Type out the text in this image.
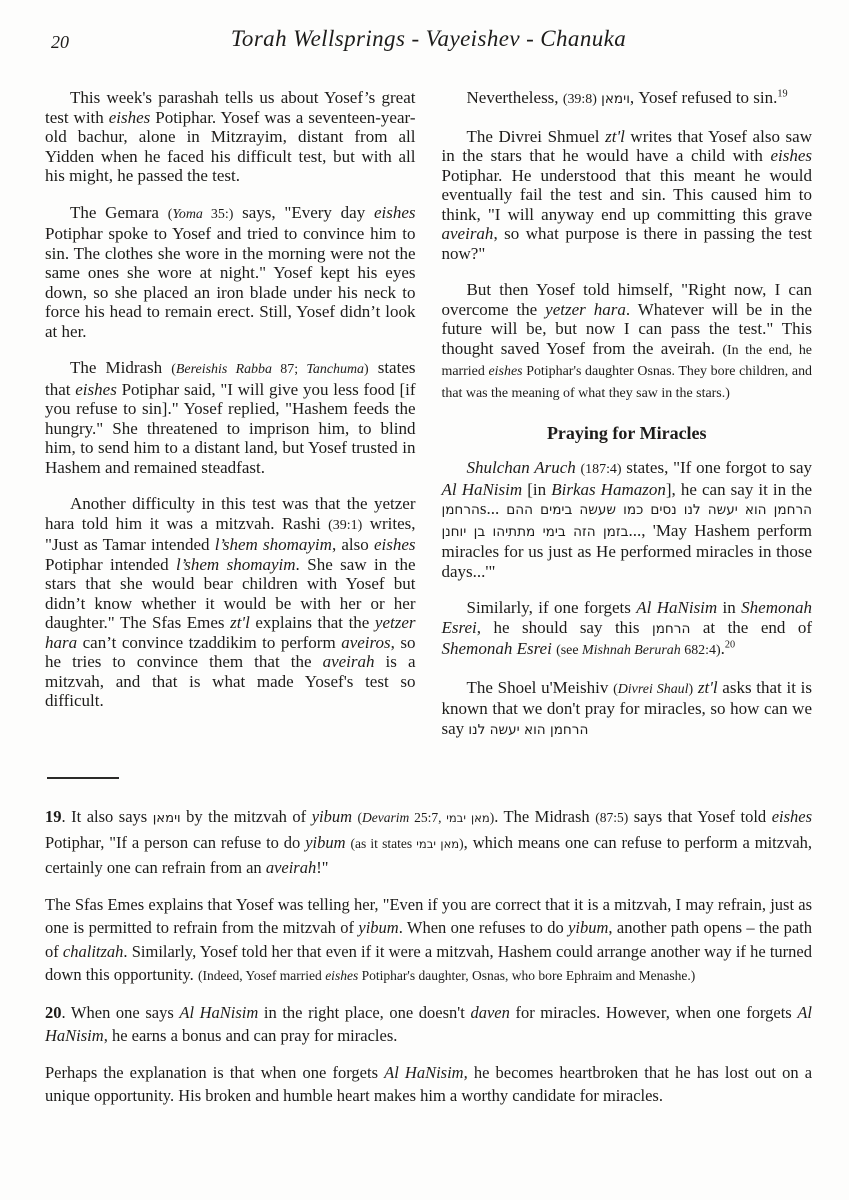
20	Torah Wellsprings - Vayeishev - Chanuka

This week's parashah tells us about Yosef’s great test with eishes Potiphar. Yosef was a seventeen-year-old bachur, alone in Mitzrayim, distant from all Yidden when he faced his difficult test, but with all his might, he passed the test.

The Gemara (Yoma 35:) says, "Every day eishes Potiphar spoke to Yosef and tried to convince him to sin. The clothes she wore in the morning were not the same ones she wore at night." Yosef kept his eyes down, so she placed an iron blade under his neck to force his head to remain erect. Still, Yosef didn’t look at her.

The Midrash (Bereishis Rabba 87; Tanchuma) states that eishes Potiphar said, "I will give you less food [if you refuse to sin]." Yosef replied, "Hashem feeds the hungry." She threatened to imprison him, to blind him, to send him to a distant land, but Yosef trusted in Hashem and remained steadfast.

Another difficulty in this test was that the yetzer hara told him it was a mitzvah. Rashi (39:1) writes, "Just as Tamar intended l’shem shomayim, also eishes Potiphar intended l’shem shomayim. She saw in the stars that she would bear children with Yosef but didn’t know whether it would be with her or her daughter." The Sfas Emes zt'l explains that the yetzer hara can’t convince tzaddikim to perform aveiros, so he tries to convince them that the aveirah is a mitzvah, and that is what made Yosef's test so difficult.

Nevertheless, (39:8) וימאן, Yosef refused to sin.$^{19}$

The Divrei Shmuel zt'l writes that Yosef also saw in the stars that he would have a child with eishes Potiphar. He understood that this meant he would eventually fail the test and sin. This caused him to think, "I will anyway end up committing this grave aveirah, so what purpose is there in passing the test now?"

But then Yosef told himself, "Right now, I can overcome the yetzer hara. Whatever will be in the future will be, but now I can pass the test." This thought saved Yosef from the aveirah. (In the end, he married eishes Potiphar's daughter Osnas. They bore children, and that was the meaning of what they saw in the stars.)

Praying for Miracles

Shulchan Aruch (187:4) states, "If one forgot to say Al HaNisim [in Birkas Hamazon], he can say it in the הרחמןs... הרחמן הוא יעשה לנו נסים כמו שעשה בימים ההם בזמן הזה בימי מתתיהו בן יוחנן..., 'May Hashem perform miracles for us just as He performed miracles in those days...'"

Similarly, if one forgets Al HaNisim in Shemonah Esrei, he should say this הרחמן at the end of Shemonah Esrei (see Mishnah Berurah 682:4).$^{20}$

The Shoel u'Meishiv (Divrei Shaul) zt'l asks that it is known that we don't pray for miracles, so how can we say הרחמן הוא יעשה לנו

19. It also says וימאן by the mitzvah of yibum (Devarim 25:7, מאן יבמי). The Midrash (87:5) says that Yosef told eishes Potiphar, "If a person can refuse to do yibum (as it states מאן יבמי), which means one can refuse to perform a mitzvah, certainly one can refrain from an aveirah!"

The Sfas Emes explains that Yosef was telling her, "Even if you are correct that it is a mitzvah, I may refrain, just as one is permitted to refrain from the mitzvah of yibum. When one refuses to do yibum, another path opens – the path of chalitzah. Similarly, Yosef told her that even if it were a mitzvah, Hashem could arrange another way if he turned down this opportunity. (Indeed, Yosef married eishes Potiphar's daughter, Osnas, who bore Ephraim and Menashe.)

20. When one says Al HaNisim in the right place, one doesn't daven for miracles. However, when one forgets Al HaNisim, he earns a bonus and can pray for miracles.

Perhaps the explanation is that when one forgets Al HaNisim, he becomes heartbroken that he has lost out on a unique opportunity. His broken and humble heart makes him a worthy candidate for miracles.
